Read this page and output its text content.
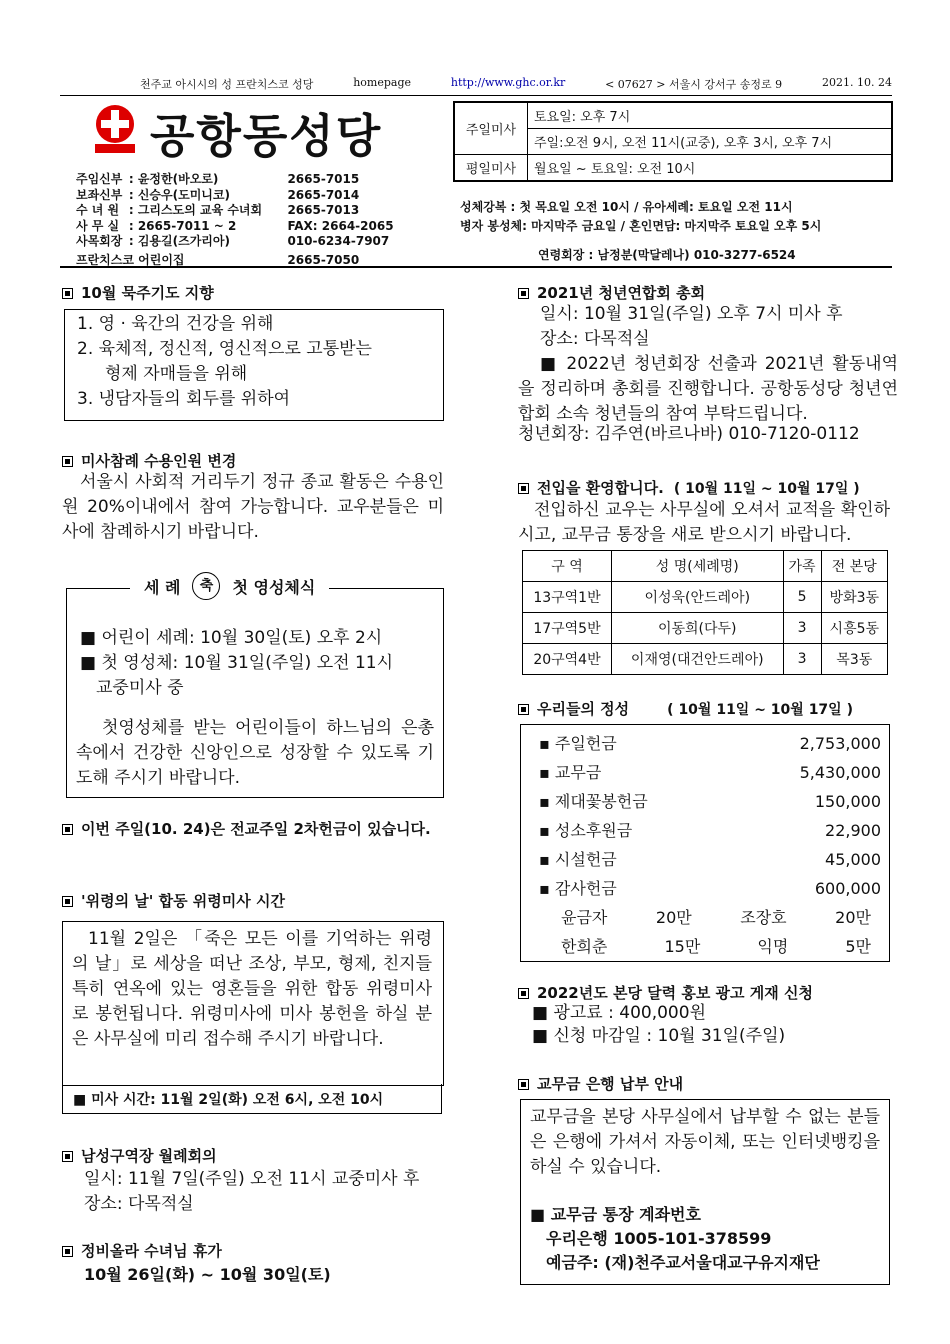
천주교 아시시의 성 프란치스코 성당	homepage	http://www.ghc.or.kr	< 07627 > 서울시 강서구 송정로 9	2021. 10. 24
공항동성당
주임신부 : 윤정한(바오로)	2665-7015
보좌신부 : 신승우(도미니코)	2665-7014
수 녀 원 : 그리스도의 교육 수녀회	2665-7013
사 무 실 : 2665-7011 ~ 2	FAX: 2664-2065
사목회장 : 김용길(즈가리아)	010-6234-7907
프란치스코 어린이집	2665-7050
주일미사	토요일: 오후 7시
	주일:오전 9시, 오전 11시(교중), 오후 3시, 오후 7시
평일미사	월요일 ~ 토요일: 오전 10시
성체강복 : 첫 목요일 오전 10시 / 유아세례: 토요일 오전 11시
병자 봉성체: 마지막주 금요일 / 혼인면담: 마지막주 토요일 오후 5시
연령회장 : 남정분(막달레나) 010-3277-6524
10월 묵주기도 지향
1. 영 · 육간의 건강을 위해
2. 육체적, 정신적, 영신적으로 고통받는
형제 자매들을 위해
3. 냉담자들의 회두를 위하여
미사참례 수용인원 변경
서울시 사회적 거리두기 정규 종교 활동은 수용인원 20%이내에서 참여 가능합니다. 교우분들은 미사에 참례하시기 바랍니다.
세 례	축	첫 영성체식
■ 어린이 세례: 10월 30일(토) 오후 2시
■ 첫 영성체: 10월 31일(주일) 오전 11시
교중미사 중
첫영성체를 받는 어린이들이 하느님의 은총 속에서 건강한 신앙인으로 성장할 수 있도록 기도해 주시기 바랍니다.
이번 주일(10. 24)은 전교주일 2차헌금이 있습니다.
'위령의 날' 합동 위령미사 시간
11월 2일은 「죽은 모든 이를 기억하는 위령의 날」로 세상을 떠난 조상, 부모, 형제, 친지들 특히 연옥에 있는 영혼들을 위한 합동 위령미사로 봉헌됩니다. 위령미사에 미사 봉헌을 하실 분은 사무실에 미리 접수해 주시기 바랍니다.
■ 미사 시간: 11월 2일(화) 오전 6시, 오전 10시
남성구역장 월례회의
일시: 11월 7일(주일) 오전 11시 교중미사 후
장소: 다목적실
정비올라 수녀님 휴가
10월 26일(화) ~ 10월 30일(토)
2021년 청년연합회 총회
일시: 10월 31일(주일) 오후 7시 미사 후
장소: 다목적실
■ 2022년 청년회장 선출과 2021년 활동내역을 정리하며 총회를 진행합니다. 공항동성당 청년연합회 소속 청년들의 참여 부탁드립니다.
청년회장: 김주연(바르나바) 010-7120-0112
전입을 환영합니다. ( 10월 11일 ~ 10월 17일 )
전입하신 교우는 사무실에 오셔서 교적을 확인하시고, 교무금 통장을 새로 받으시기 바랍니다.
구 역	성 명(세례명)	가족	전 본당
13구역1반	이성욱(안드레아)	5	방화3동
17구역5반	이동희(다두)	3	시흥5동
20구역4반	이재영(대건안드레아)	3	목3동
우리들의 정성	( 10월 11일 ~ 10월 17일 )
▪ 주일헌금	2,753,000
▪ 교무금	5,430,000
▪ 제대꽃봉헌금	150,000
▪ 성소후원금	22,900
▪ 시설헌금	45,000
▪ 감사헌금	600,000
윤금자	20만	조장호	20만
한희춘	15만	익명	5만
2022년도 본당 달력 홍보 광고 게재 신청
■ 광고료 : 400,000원
■ 신청 마감일 : 10월 31일(주일)
교무금 은행 납부 안내
교무금을 본당 사무실에서 납부할 수 없는 분들은 은행에 가셔서 자동이체, 또는 인터넷뱅킹을 하실 수 있습니다.
■ 교무금 통장 계좌번호
우리은행 1005-101-378599
예금주: (재)천주교서울대교구유지재단
